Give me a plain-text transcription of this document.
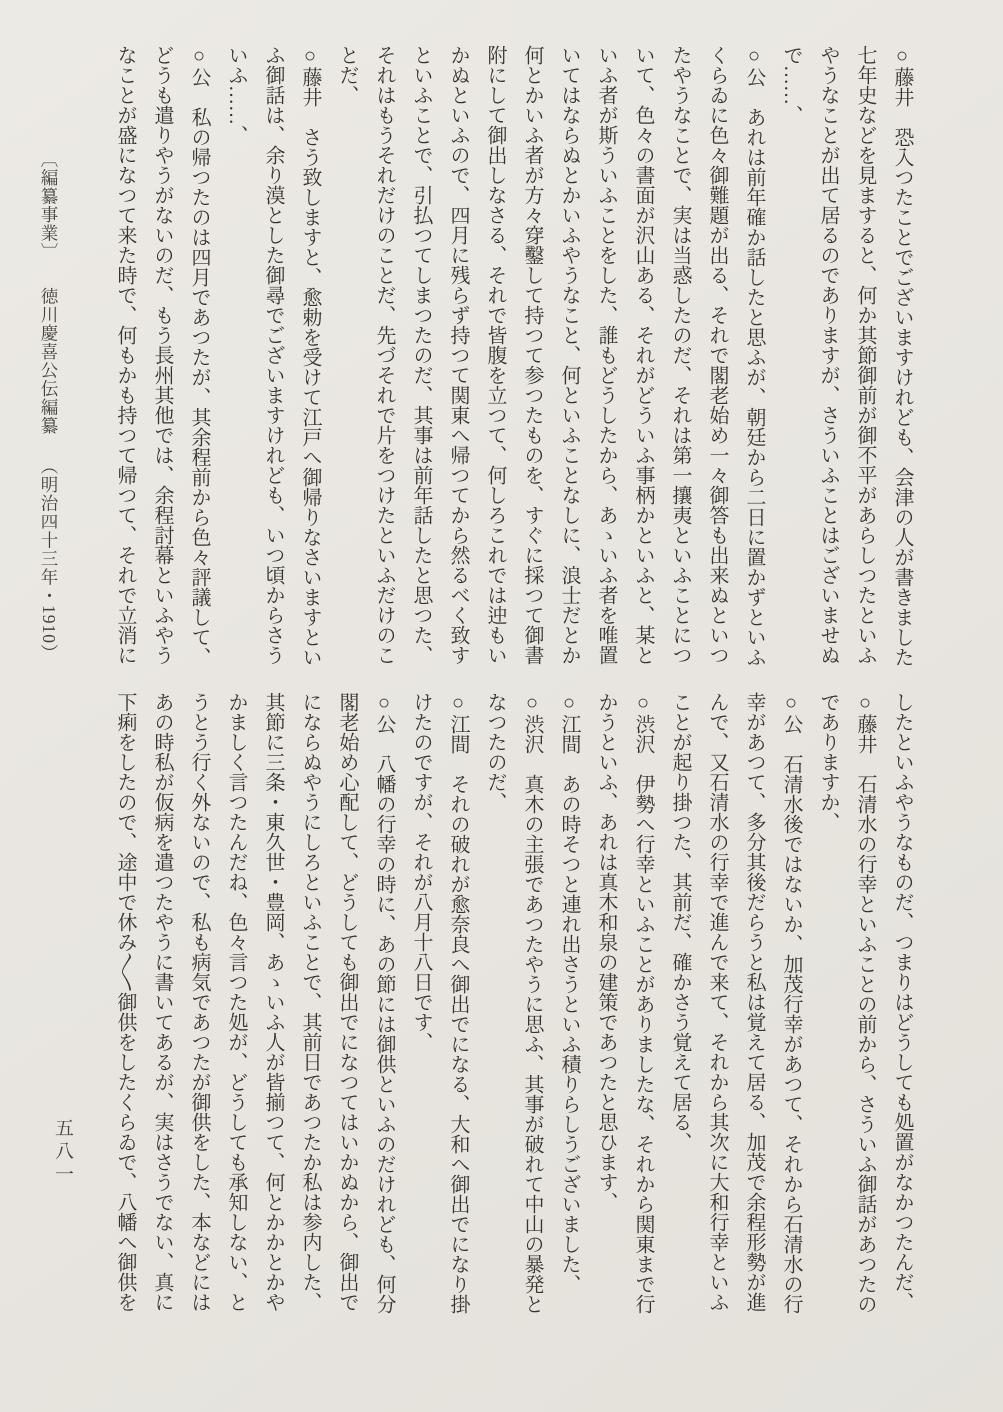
○藤井　恐入つたことでございますけれども、会津の人が書きました

七年史などを見ますると、何か其節御前が御不平があらしつたといふ

やうなことが出て居るのでありますが、さういふことはございませぬ

で……、

○公　あれは前年確か話したと思ふが、朝廷から二日に置かずといふ

くらゐに色々御難題が出る、それで閣老始め一々御答も出来ぬといつ

たやうなことで、実は当惑したのだ、それは第一攘夷といふことにつ

いて、色々の書面が沢山ある、それがどういふ事柄かといふと、某と

いふ者が斯ういふことをした、誰もどうしたから、あゝいふ者を唯置

いてはならぬとかいふやうなこと、何といふことなしに、浪士だとか

何とかいふ者が方々穿鑿して持つて参つたものを、すぐに採つて御書

附にして御出しなさる、それで皆腹を立つて、何しろこれでは迚もい

かぬといふので、四月に残らず持つて関東へ帰つてから然るべく致す

といふことで、引払つてしまつたのだ、其事は前年話したと思つた、

それはもうそれだけのことだ、先づそれで片をつけたといふだけのこ

とだ、

○藤井　さう致しますと、愈勅を受けて江戸へ御帰りなさいますとい

ふ御話は、余り漠とした御尋でございますけれども、いつ頃からさう

いふ……、

○公　私の帰つたのは四月であつたが、其余程前から色々評議して、

どうも遣りやうがないのだ、もう長州其他では、余程討幕といふやう

なことが盛になつて来た時で、何もかも持つて帰つて、それで立消に

〔編纂事業〕徳川慶喜公伝編纂（明治四十三年・1910）

したといふやうなものだ、つまりはどうしても処置がなかつたんだ、

○藤井　石清水の行幸といふことの前から、さういふ御話があつたの

でありますか、

○公　石清水後ではないか、加茂行幸があつて、それから石清水の行

幸があつて、多分其後だらうと私は覚えて居る、加茂で余程形勢が進

んで、又石清水の行幸で進んで来て、それから其次に大和行幸といふ

ことが起り掛つた、其前だ、確かさう覚えて居る、

○渋沢　伊勢へ行幸といふことがありましたな、それから関東まで行

かうといふ、あれは真木和泉の建策であつたと思ひます、

○江間　あの時そつと連れ出さうといふ積りらしうございました、

○渋沢　真木の主張であつたやうに思ふ、其事が破れて中山の暴発と

なつたのだ、

○江間　それの破れが愈奈良へ御出でになる、大和へ御出でになり掛

けたのですが、それが八月十八日です、

○公　八幡の行幸の時に、あの節には御供といふのだけれども、何分

閣老始め心配して、どうしても御出でになつてはいかぬから、御出で

にならぬやうにしろといふことで、其前日であつたか私は参内した、

其節に三条・東久世・豊岡、あゝいふ人が皆揃つて、何とかかとかや

かましく言つたんだね、色々言つた処が、どうしても承知しない、と

うとう行く外ないので、私も病気であつたが御供をした、本などには

あの時私が仮病を遣つたやうに書いてあるが、実はさうでない、真に

下痢をしたので、途中で休み〳〵御供をしたくらゐで、八幡へ御供を

五八一
